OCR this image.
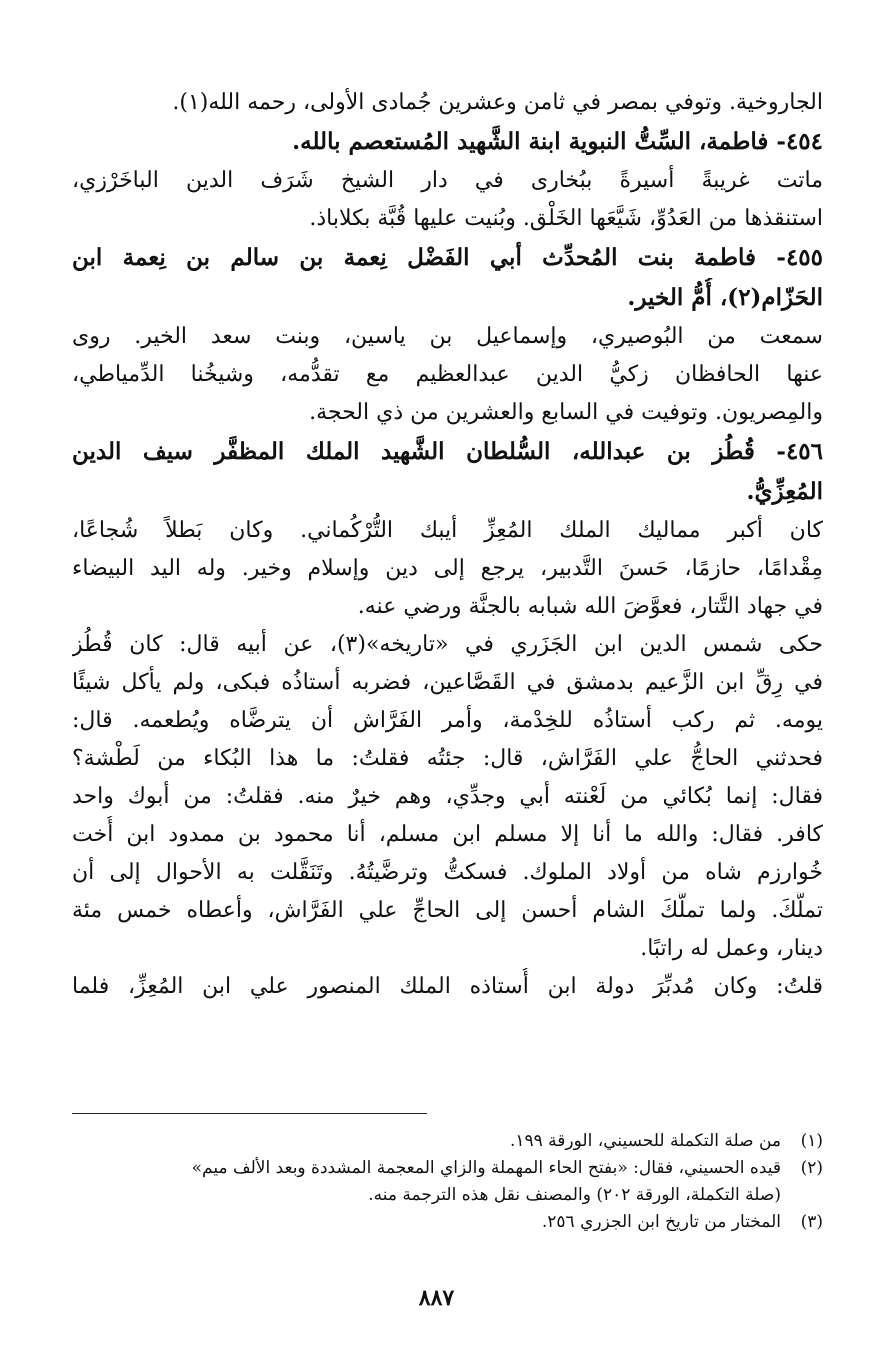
الجاروخية. وتوفي بمصر في ثامن وعشرين جُمادى الأولى، رحمه الله(١).
٤٥٤- فاطمة، السِّتُّ النبوية ابنة الشَّهيد المُستعصم بالله.
ماتت غريبةً أسيرةً ببُخارى في دار الشيخ شَرَف الدين الباخَرْزي،
استنقذها من العَدُوِّ، شَيَّعَها الخَلْق. وبُنيت عليها قُبَّة بكلاباذ.
٤٥٥- فاطمة بنت المُحدِّث أبي الفَضْل نِعمة بن سالم بن نِعمة ابن
الحَزّام(٢)، أُمُّ الخير.
سمعت من البُوصيري، وإسماعيل بن ياسين، وبنت سعد الخير. روى
عنها الحافظان زكيُّ الدين عبدالعظيم مع تقدُّمه، وشيخُنا الدِّمياطي،
والمِصريون. وتوفيت في السابع والعشرين من ذي الحجة.
٤٥٦- قُطُز بن عبدالله، السُّلطان الشَّهيد الملك المظفَّر سيف الدين
المُعِزِّيُّ.
كان أكبر مماليك الملك المُعِزِّ أيبك التُّرْكُماني. وكان بَطلاً شُجاعًا،
مِقْدامًا، حازمًا، حَسنَ التَّدبير، يرجع إلى دين وإسلام وخير. وله اليد البيضاء
في جهاد التَّتار، فعوَّضَ الله شبابه بالجنَّة ورضي عنه.
حكى شمس الدين ابن الجَزَري في «تاريخه»(٣)، عن أبيه قال: كان قُطُز
في رِقِّ ابن الزَّعيم بدمشق في القَصَّاعين، فضربه أستاذُه فبكى، ولم يأكل شيئًا
يومه. ثم ركب أستاذُه للخِدْمة، وأمر الفَرَّاش أن يترضَّاه ويُطعمه. قال:
فحدثني الحاجُّ علي الفَرَّاش، قال: جئتُه فقلتُ: ما هذا البُكاء من لَطْشة؟
فقال: إنما بُكائي من لَعْنته أبي وجدِّي، وهم خيرٌ منه. فقلتُ: من أبوك واحد
كافر. فقال: والله ما أنا إلا مسلم ابن مسلم، أنا محمود بن ممدود ابن أُخت
خُوارزم شاه من أولاد الملوك. فسكتُّ وترضَّيتُهُ. وتَنَقَّلت به الأحوال إلى أن
تملَّكَ. ولما تملَّكَ الشام أحسن إلى الحاجِّ علي الفَرَّاش، وأعطاه خمس مئة
دينار، وعمل له راتبًا.
قلتُ: وكان مُدبِّرَ دولة ابن أُستاذه الملك المنصور علي ابن المُعِزِّ، فلما
(١)
من صلة التكملة للحسيني، الورقة ١٩٩.
(٢)
قيده الحسيني، فقال: «بفتح الحاء المهملة والزاي المعجمة المشددة وبعد الألف ميم»
(صلة التكملة، الورقة ٢٠٢) والمصنف نقل هذه الترجمة منه.
(٣)
المختار من تاريخ ابن الجزري ٢٥٦.
٨٨٧
